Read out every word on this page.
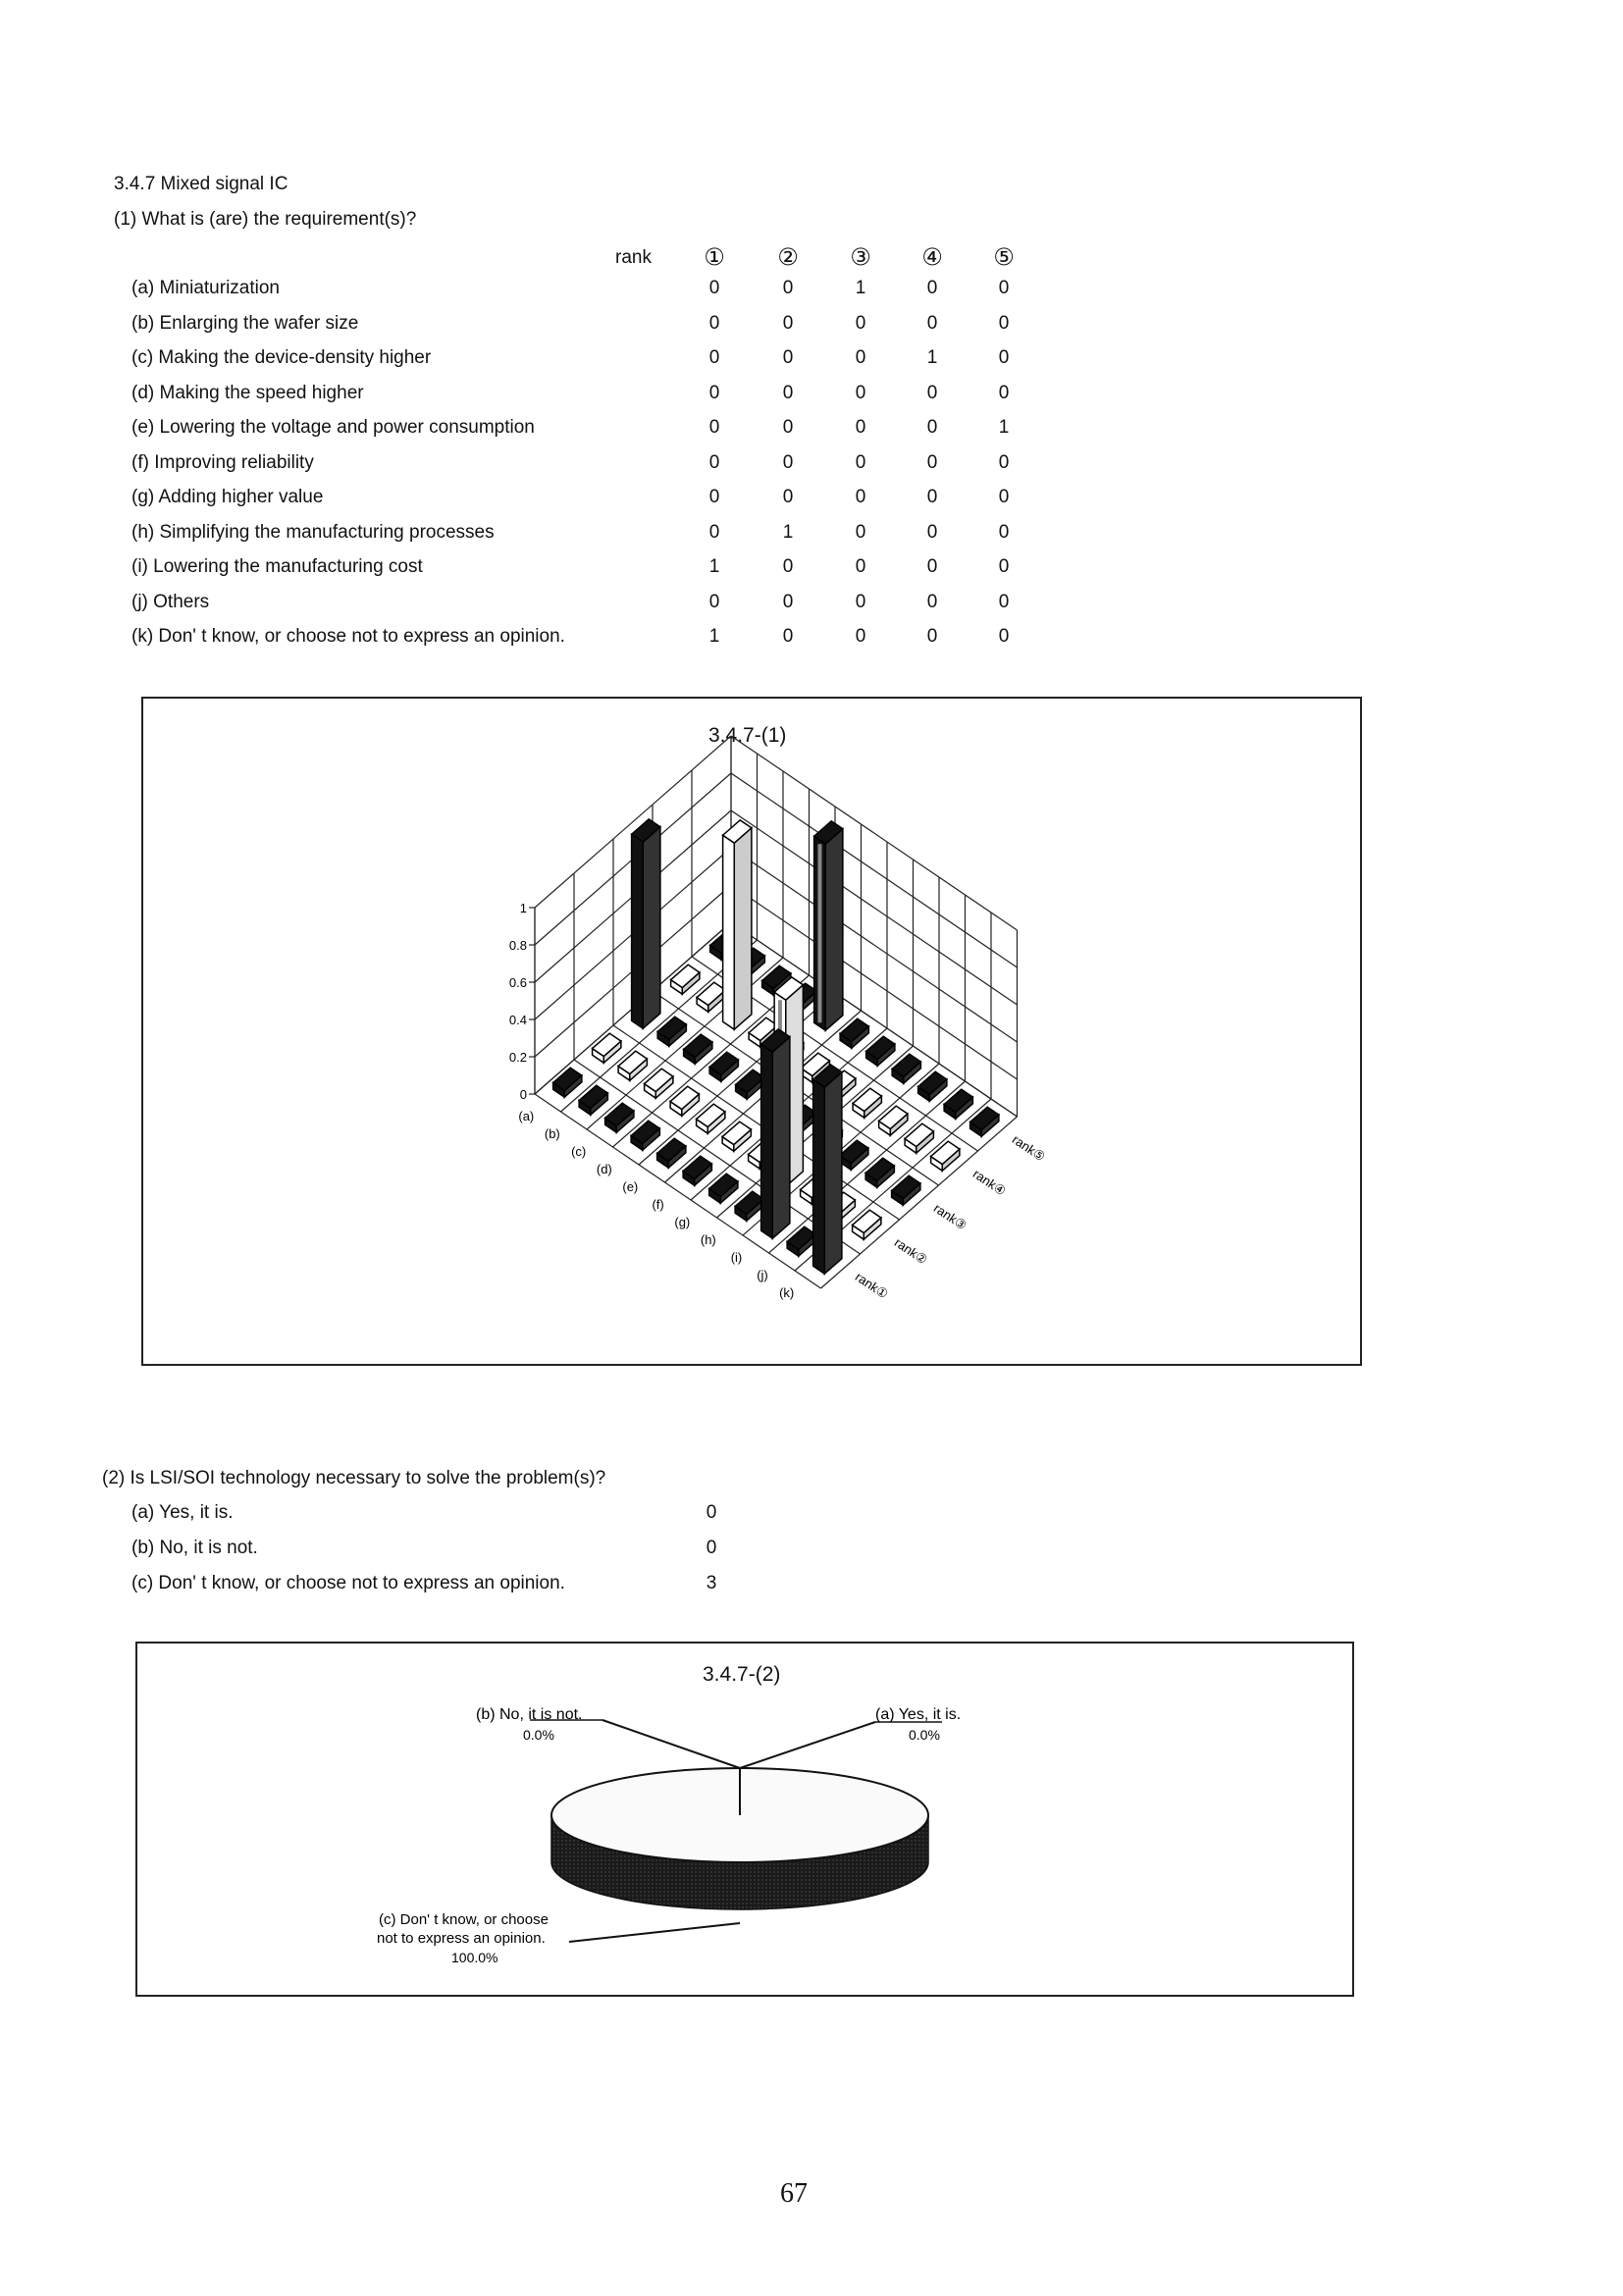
3.4.7 Mixed signal IC
(1) What is (are) the requirement(s)?
rank ① ② ③ ④ ⑤
(a) Miniaturization	0	0	1	0	0
(b) Enlarging the wafer size	0	0	0	0	0
(c) Making the device-density higher	0	0	0	1	0
(d) Making the speed higher	0	0	0	0	0
(e) Lowering the voltage and power consumption	0	0	0	0	1
(f) Improving reliability	0	0	0	0	0
(g) Adding higher value	0	0	0	0	0
(h) Simplifying the manufacturing processes	0	1	0	0	0
(i) Lowering the manufacturing cost	1	0	0	0	0
(j) Others	0	0	0	0	0
(k) Don' t know, or choose not to express an opinion.	1	0	0	0	0
3.4.7-(1)
0
0.2
0.4
0.6
0.8
1
(a)
(b)
(c)
(d)
(e)
(f)
(g)
(h)
(i)
(j)
(k)	rank①
rank②
rank③
rank④
rank⑤
(2) Is LSI/SOI technology necessary to solve the problem(s)?
(a) Yes, it is.	0
(b) No, it is not.	0
(c) Don' t know, or choose not to express an opinion.	3
3.4.7-(2)
(b) No, it is not.
0.0%
(a) Yes, it is.
0.0%
(c) Don' t know, or choose
not to express an opinion.
100.0%
67
